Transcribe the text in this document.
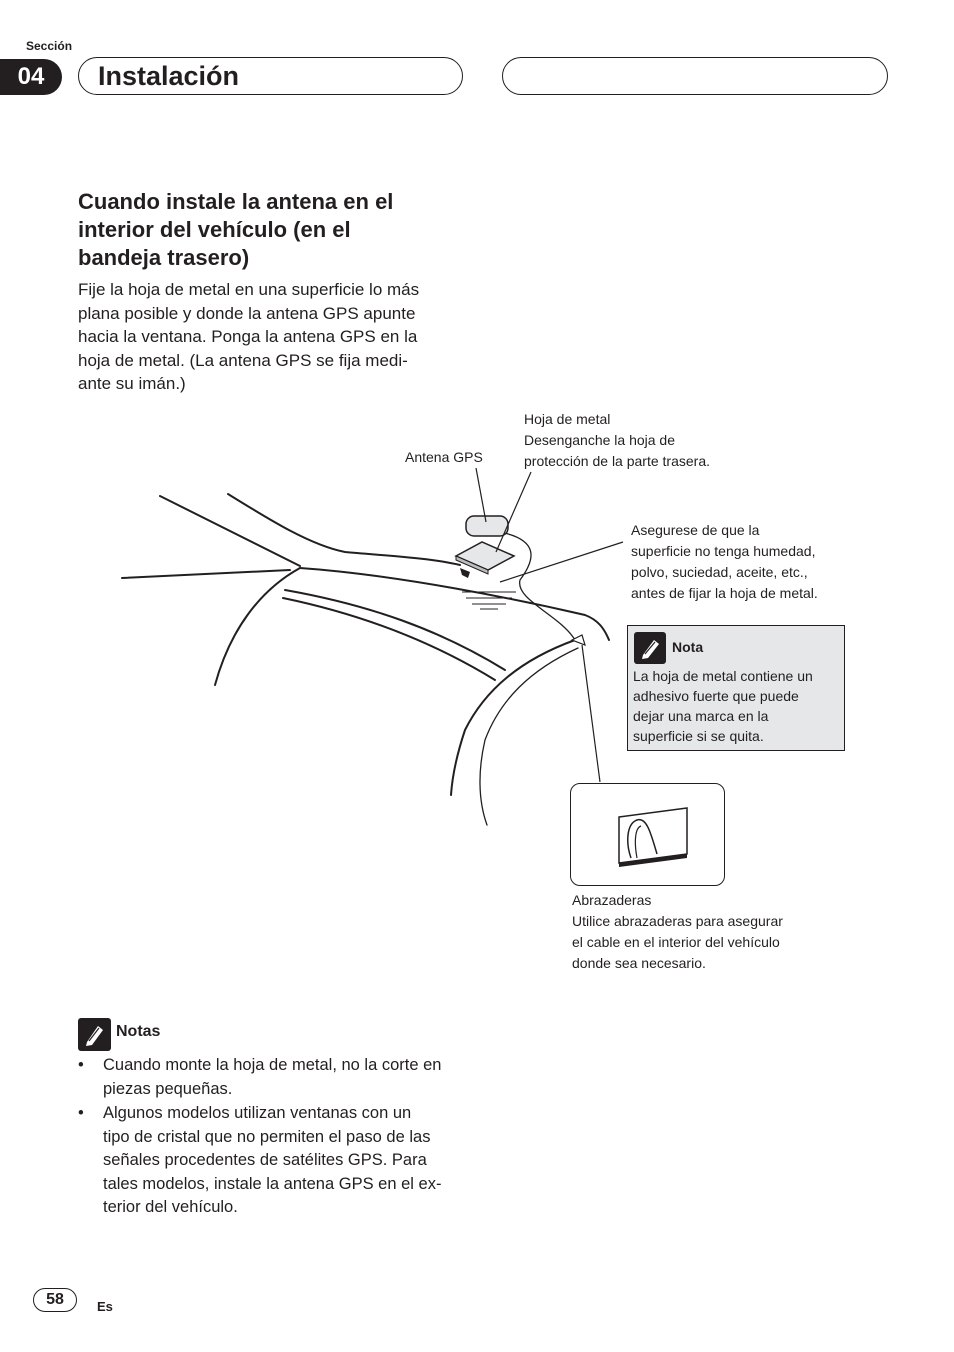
Sección
04	Instalación
Cuando instale la antena en el
interior del vehículo (en el
bandeja trasero)
Fije la hoja de metal en una superficie lo más
plana posible y donde la antena GPS apunte
hacia la ventana. Ponga la antena GPS en la
hoja de metal. (La antena GPS se fija medi-
ante su imán.)
Antena GPS
Hoja de metal
Desenganche la hoja de
protección de la parte trasera.
Asegurese de que la
superficie no tenga humedad,
polvo, suciedad, aceite, etc.,
antes de fijar la hoja de metal.
Nota
La hoja de metal contiene un
adhesivo fuerte que puede
dejar una marca en la
superficie si se quita.
Abrazaderas
Utilice abrazaderas para asegurar
el cable en el interior del vehículo
donde sea necesario.
Notas
• Cuando monte la hoja de metal, no la corte en
piezas pequeñas.
• Algunos modelos utilizan ventanas con un
tipo de cristal que no permiten el paso de las
señales procedentes de satélites GPS. Para
tales modelos, instale la antena GPS en el ex-
terior del vehículo.
58	Es
